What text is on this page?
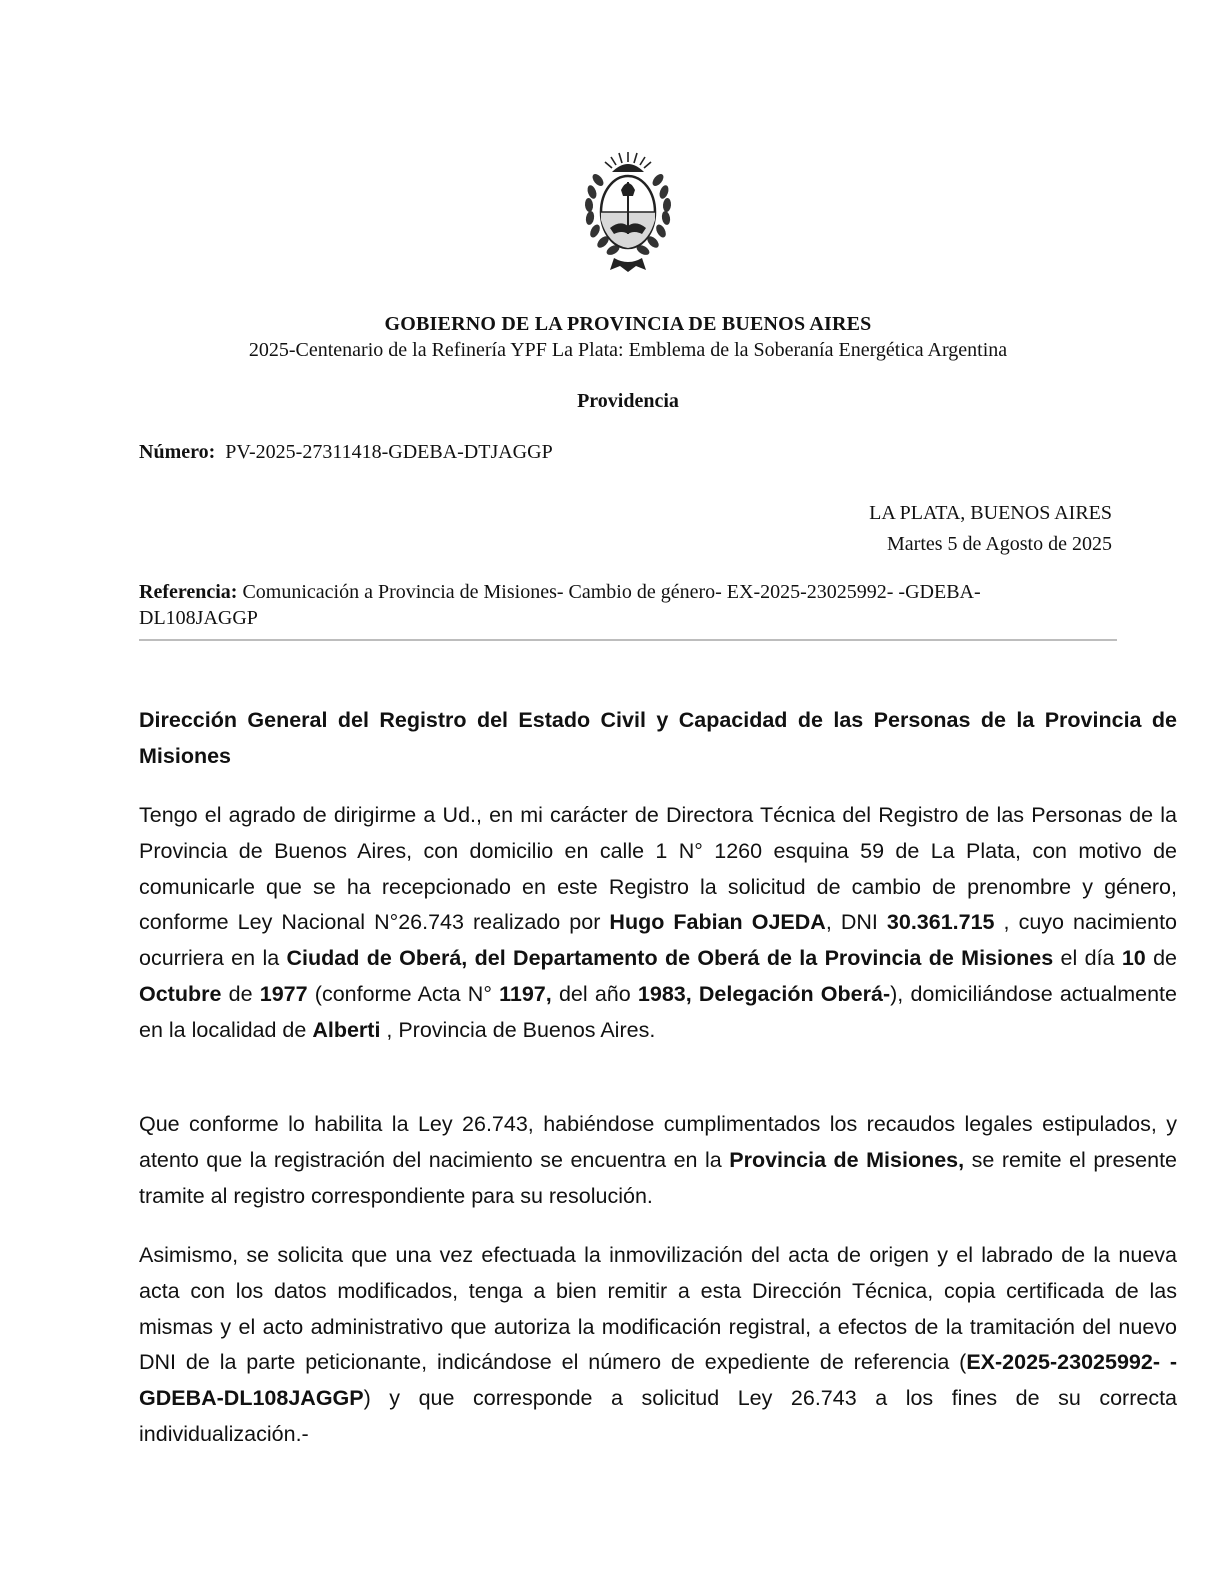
GOBIERNO DE LA PROVINCIA DE BUENOS AIRES
2025-Centenario de la Refinería YPF La Plata: Emblema de la Soberanía Energética Argentina
Providencia
Número: PV-2025-27311418-GDEBA-DTJAGGP
LA PLATA, BUENOS AIRES
Martes 5 de Agosto de 2025
Referencia: Comunicación a Provincia de Misiones- Cambio de género- EX-2025-23025992- -GDEBA-DL108JAGGP
Dirección General del Registro del Estado Civil y Capacidad de las Personas de la Provincia de Misiones
Tengo el agrado de dirigirme a Ud., en mi carácter de Directora Técnica del Registro de las Personas de la Provincia de Buenos Aires, con domicilio en calle 1 N° 1260 esquina 59 de La Plata, con motivo de comunicarle que se ha recepcionado en este Registro la solicitud de cambio de prenombre y género, conforme Ley Nacional N°26.743 realizado por Hugo Fabian OJEDA, DNI 30.361.715 , cuyo nacimiento ocurriera en la Ciudad de Oberá, del Departamento de Oberá de la Provincia de Misiones el día 10 de Octubre de 1977 (conforme Acta N° 1197, del año 1983, Delegación Oberá-), domiciliándose actualmente en la localidad de Alberti , Provincia de Buenos Aires.
Que conforme lo habilita la Ley 26.743, habiéndose cumplimentados los recaudos legales estipulados, y atento que la registración del nacimiento se encuentra en la Provincia de Misiones, se remite el presente tramite al registro correspondiente para su resolución.
Asimismo, se solicita que una vez efectuada la inmovilización del acta de origen y el labrado de la nueva acta con los datos modificados, tenga a bien remitir a esta Dirección Técnica, copia certificada de las mismas y el acto administrativo que autoriza la modificación registral, a efectos de la tramitación del nuevo DNI de la parte peticionante, indicándose el número de expediente de referencia (EX-2025-23025992- -GDEBA-DL108JAGGP) y que corresponde a solicitud Ley 26.743 a los fines de su correcta individualización.-
